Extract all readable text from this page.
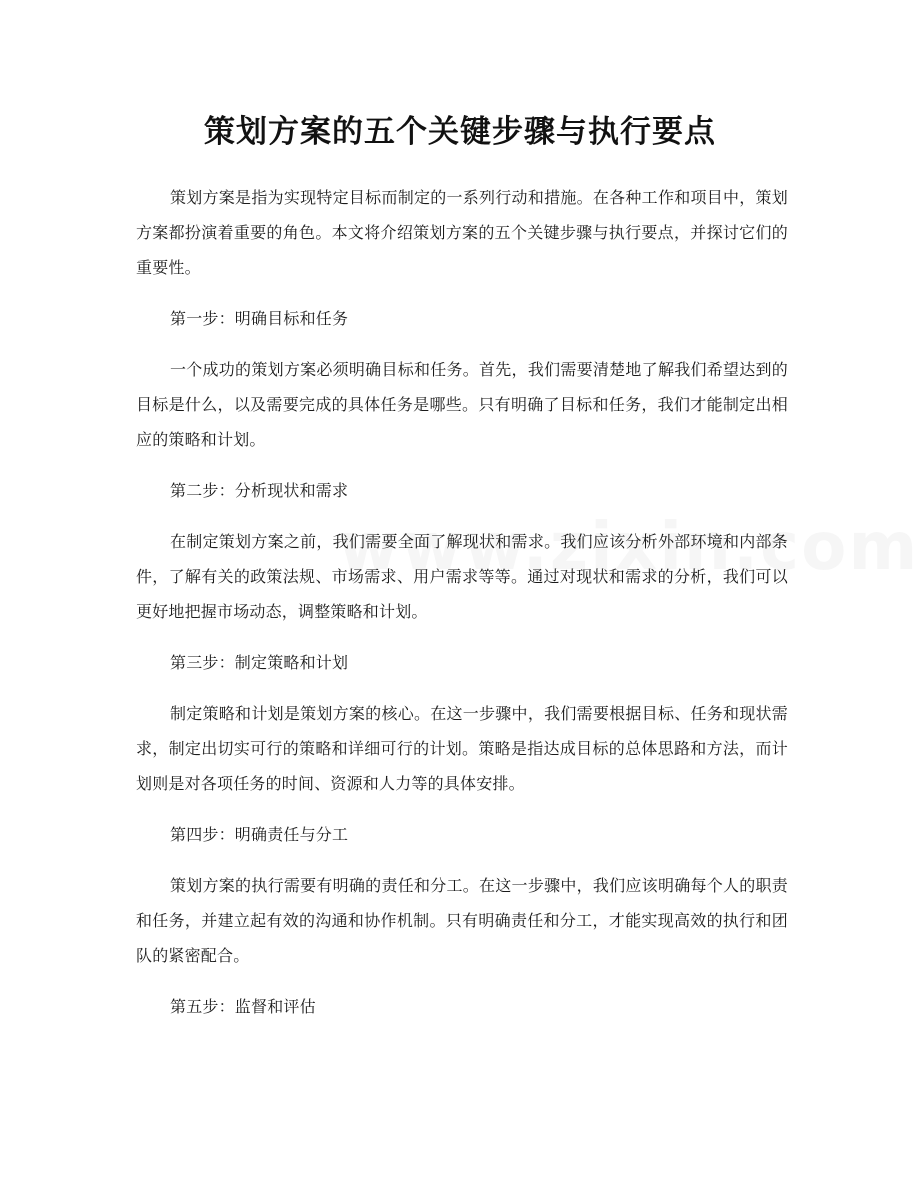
策划方案的五个关键步骤与执行要点

策划方案是指为实现特定目标而制定的一系列行动和措施。在各种工作和项目中，策划方案都扮演着重要的角色。本文将介绍策划方案的五个关键步骤与执行要点，并探讨它们的重要性。

第一步：明确目标和任务

一个成功的策划方案必须明确目标和任务。首先，我们需要清楚地了解我们希望达到的目标是什么，以及需要完成的具体任务是哪些。只有明确了目标和任务，我们才能制定出相应的策略和计划。

第二步：分析现状和需求

在制定策划方案之前，我们需要全面了解现状和需求。我们应该分析外部环境和内部条件，了解有关的政策法规、市场需求、用户需求等等。通过对现状和需求的分析，我们可以更好地把握市场动态，调整策略和计划。

第三步：制定策略和计划

制定策略和计划是策划方案的核心。在这一步骤中，我们需要根据目标、任务和现状需求，制定出切实可行的策略和详细可行的计划。策略是指达成目标的总体思路和方法，而计划则是对各项任务的时间、资源和人力等的具体安排。

第四步：明确责任与分工

策划方案的执行需要有明确的责任和分工。在这一步骤中，我们应该明确每个人的职责和任务，并建立起有效的沟通和协作机制。只有明确责任和分工，才能实现高效的执行和团队的紧密配合。

第五步：监督和评估
